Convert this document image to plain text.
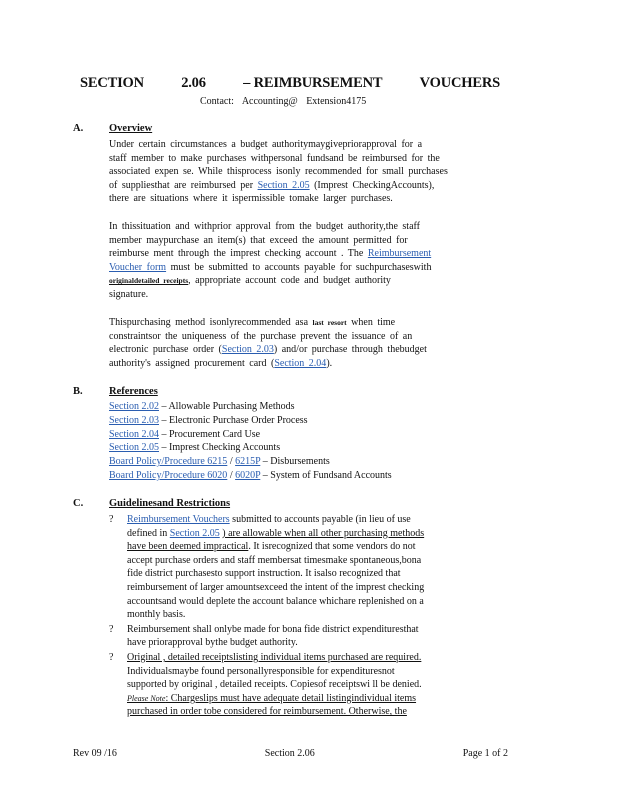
SECTION	2.06	– REIMBURSEMENT	VOUCHERS
Contact: Accounting@ Extension4175
A. Overview
Under certain circumstances a budget authoritymaygivepriorapproval for a
staff member to make purchases withpersonal fundsand be reimbursed for the
associated expen se. While thisprocess isonly recommended for small purchases
of suppliesthat are reimbursed per Section 2.05 (Imprest CheckingAccounts),
there are situations where it ispermissible tomake larger purchases.
In thissituation and withprior approval from the budget authority,the staff
member maypurchase an item(s) that exceed the amount permitted for
reimburse ment through the imprest checking account . The Reimbursement
Voucher form must be submitted to accounts payable for suchpurchaseswith
originaldetailed receipts, appropriate account code and budget authority
signature.
Thispurchasing method isonlyrecommended asa last resort when time
constraintsor the uniqueness of the purchase prevent the issuance of an
electronic purchase order (Section 2.03) and/or purchase through thebudget
authority's assigned procurement card (Section 2.04).
B.	References
Section 2.02 – Allowable Purchasing Methods
Section 2.03 – Electronic Purchase Order Process
Section 2.04 – Procurement Card Use
Section 2.05 – Imprest Checking Accounts
Board Policy/Procedure 6215 / 6215P – Disbursements
Board Policy/Procedure 6020 / 6020P – System of Fundsand Accounts
C. Guidelinesand Restrictions
? Reimbursement Vouchers submitted to accounts payable (in lieu of use
defined in Section 2.05 ) are allowable when all other purchasing methods
have been deemed impractical. It isrecognized that some vendors do not
accept purchase orders and staff membersat timesmake spontaneous,bona
fide district purchasesto support instruction. It isalso recognized that
reimbursement of larger amountsexceed the intent of the imprest checking
accountsand would deplete the account balance whichare replenished on a
monthly basis.
? Reimbursement shall onlybe made for bona fide district expendituresthat
have priorapproval bythe budget authority.
? Original , detailed receiptslisting individual items purchased are required.
Individualsmaybe found personallyresponsible for expendituresnot
supported by original , detailed receipts. Copiesof receiptswi ll be denied.
Please Note: Chargeslips must have adequate detail listingindividual items
purchased in order tobe considered for reimbursement. Otherwise, the
Rev 09 /16	Section 2.06	Page 1 of 2
